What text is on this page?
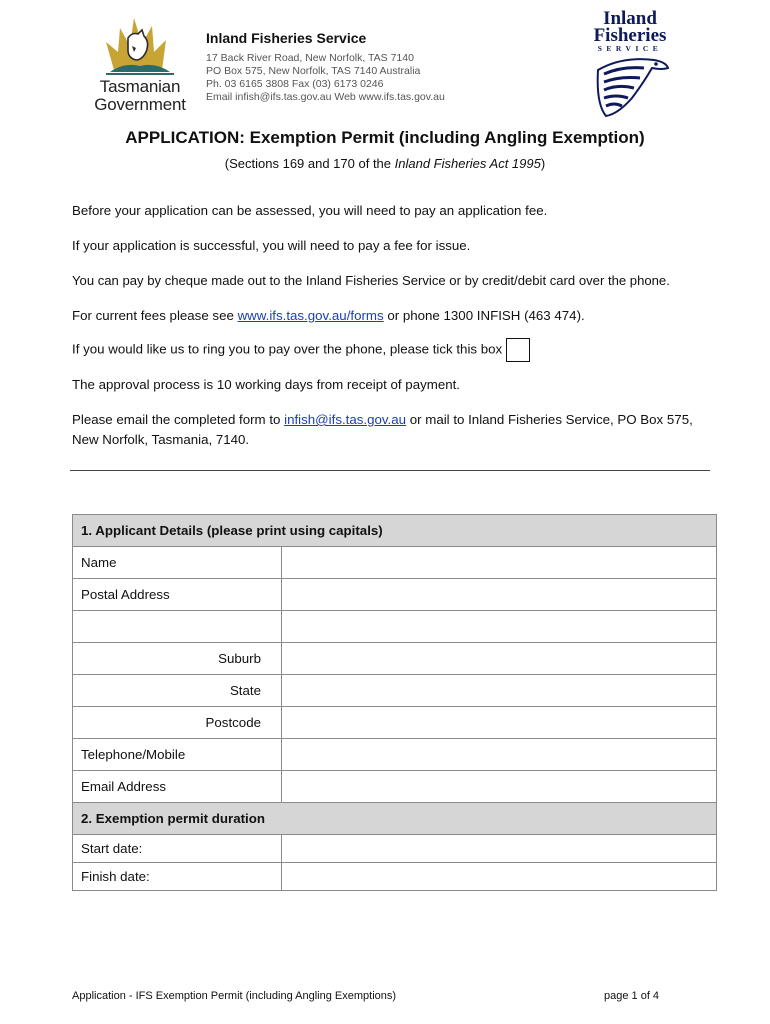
Tasmanian
Government
Inland Fisheries Service
17 Back River Road, New Norfolk, TAS 7140
PO Box 575, New Norfolk, TAS 7140 Australia
Ph. 03 6165 3808 Fax (03) 6173 0246
Email infish@ifs.tas.gov.au Web www.ifs.tas.gov.au
Inland
Fisheries
SERVICE
APPLICATION: Exemption Permit (including Angling Exemption)
(Sections 169 and 170 of the Inland Fisheries Act 1995)
Before your application can be assessed, you will need to pay an application fee.
If your application is successful, you will need to pay a fee for issue.
You can pay by cheque made out to the Inland Fisheries Service or by credit/debit card over the phone.
For current fees please see www.ifs.tas.gov.au/forms or phone 1300 INFISH (463 474).
If you would like us to ring you to pay over the phone, please tick this box
The approval process is 10 working days from receipt of payment.
Please email the completed form to infish@ifs.tas.gov.au or mail to Inland Fisheries Service, PO Box 575, New Norfolk, Tasmania, 7140.
1. Applicant Details (please print using capitals)	
Name	
Postal Address	

Suburb	
State	
Postcode	
Telephone/Mobile	
Email Address	
2. Exemption permit duration	
Start date:	
Finish date:	
Application - IFS Exemption Permit (including Angling Exemptions)	page 1 of 4
